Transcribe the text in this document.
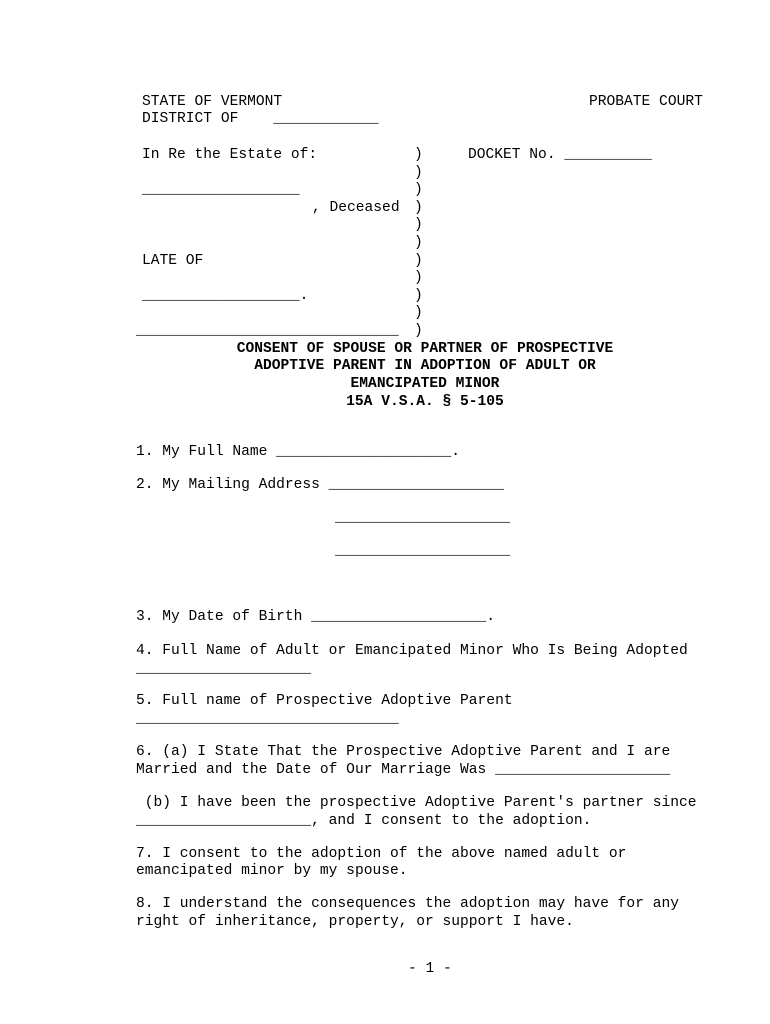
STATE OF VERMONT	PROBATE COURT
DISTRICT OF    ____________
In Re the Estate of:	DOCKET No. __________
__________________
, Deceased
LATE OF
__________________.
______________________________
)
)
)
)
)
)
)
)
)
)
)
CONSENT OF SPOUSE OR PARTNER OF PROSPECTIVE
ADOPTIVE PARENT IN ADOPTION OF ADULT OR
EMANCIPATED MINOR
15A V.S.A. § 5-105
1. My Full Name ____________________.
2. My Mailing Address ____________________
____________________
____________________
3. My Date of Birth ____________________.
4. Full Name of Adult or Emancipated Minor Who Is Being Adopted
____________________
5. Full name of Prospective Adoptive Parent
______________________________
6. (a) I State That the Prospective Adoptive Parent and I are
Married and the Date of Our Marriage Was ____________________
(b) I have been the prospective Adoptive Parent's partner since
____________________, and I consent to the adoption.
7. I consent to the adoption of the above named adult or
emancipated minor by my spouse.
8. I understand the consequences the adoption may have for any
right of inheritance, property, or support I have.
- 1 -
